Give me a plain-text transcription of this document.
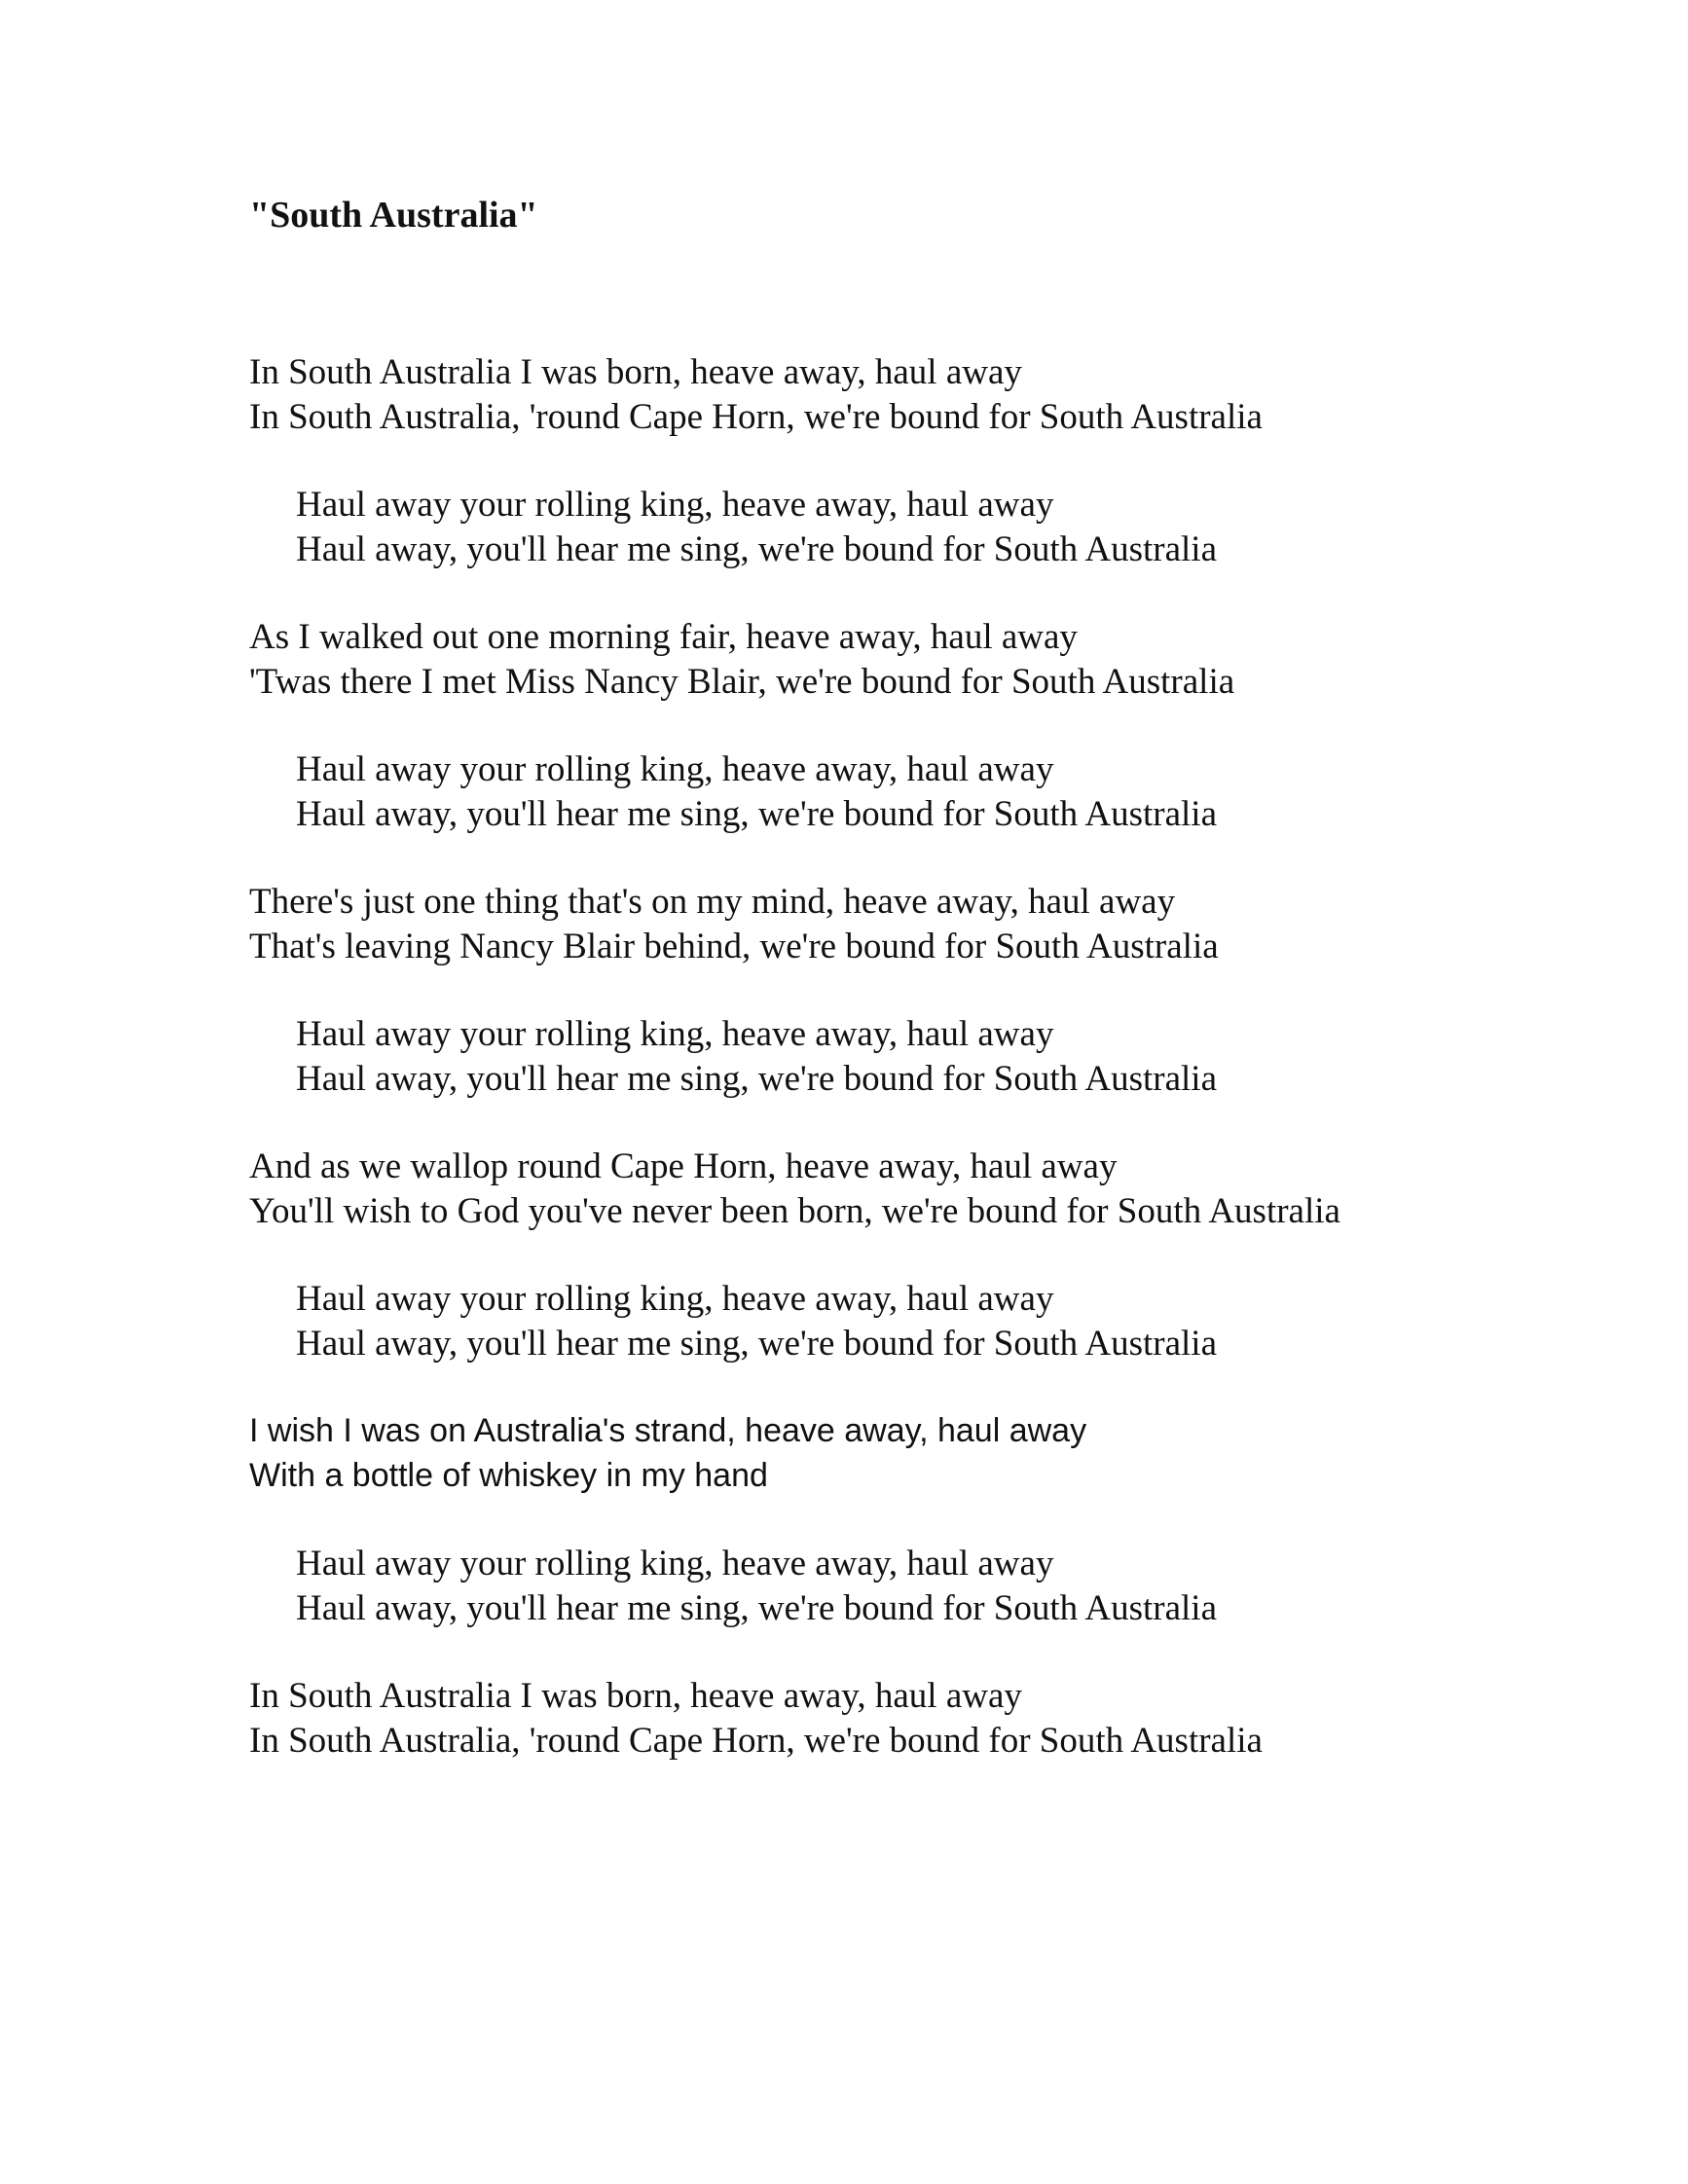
"South Australia"
In South Australia I was born, heave away, haul away
In South Australia, 'round Cape Horn, we're bound for South Australia
Haul away your rolling king, heave away, haul away
Haul away, you'll hear me sing, we're bound for South Australia
As I walked out one morning fair, heave away, haul away
'Twas there I met Miss Nancy Blair, we're bound for South Australia
Haul away your rolling king, heave away, haul away
Haul away, you'll hear me sing, we're bound for South Australia
There's just one thing that's on my mind, heave away, haul away
That's leaving Nancy Blair behind, we're bound for South Australia
Haul away your rolling king, heave away, haul away
Haul away, you'll hear me sing, we're bound for South Australia
And as we wallop round Cape Horn, heave away, haul away
You'll wish to God you've never been born, we're bound for South Australia
Haul away your rolling king, heave away, haul away
Haul away, you'll hear me sing, we're bound for South Australia
I wish I was on Australia's strand, heave away, haul away
With a bottle of whiskey in my hand
Haul away your rolling king, heave away, haul away
Haul away, you'll hear me sing, we're bound for South Australia
In South Australia I was born, heave away, haul away
In South Australia, 'round Cape Horn, we're bound for South Australia
